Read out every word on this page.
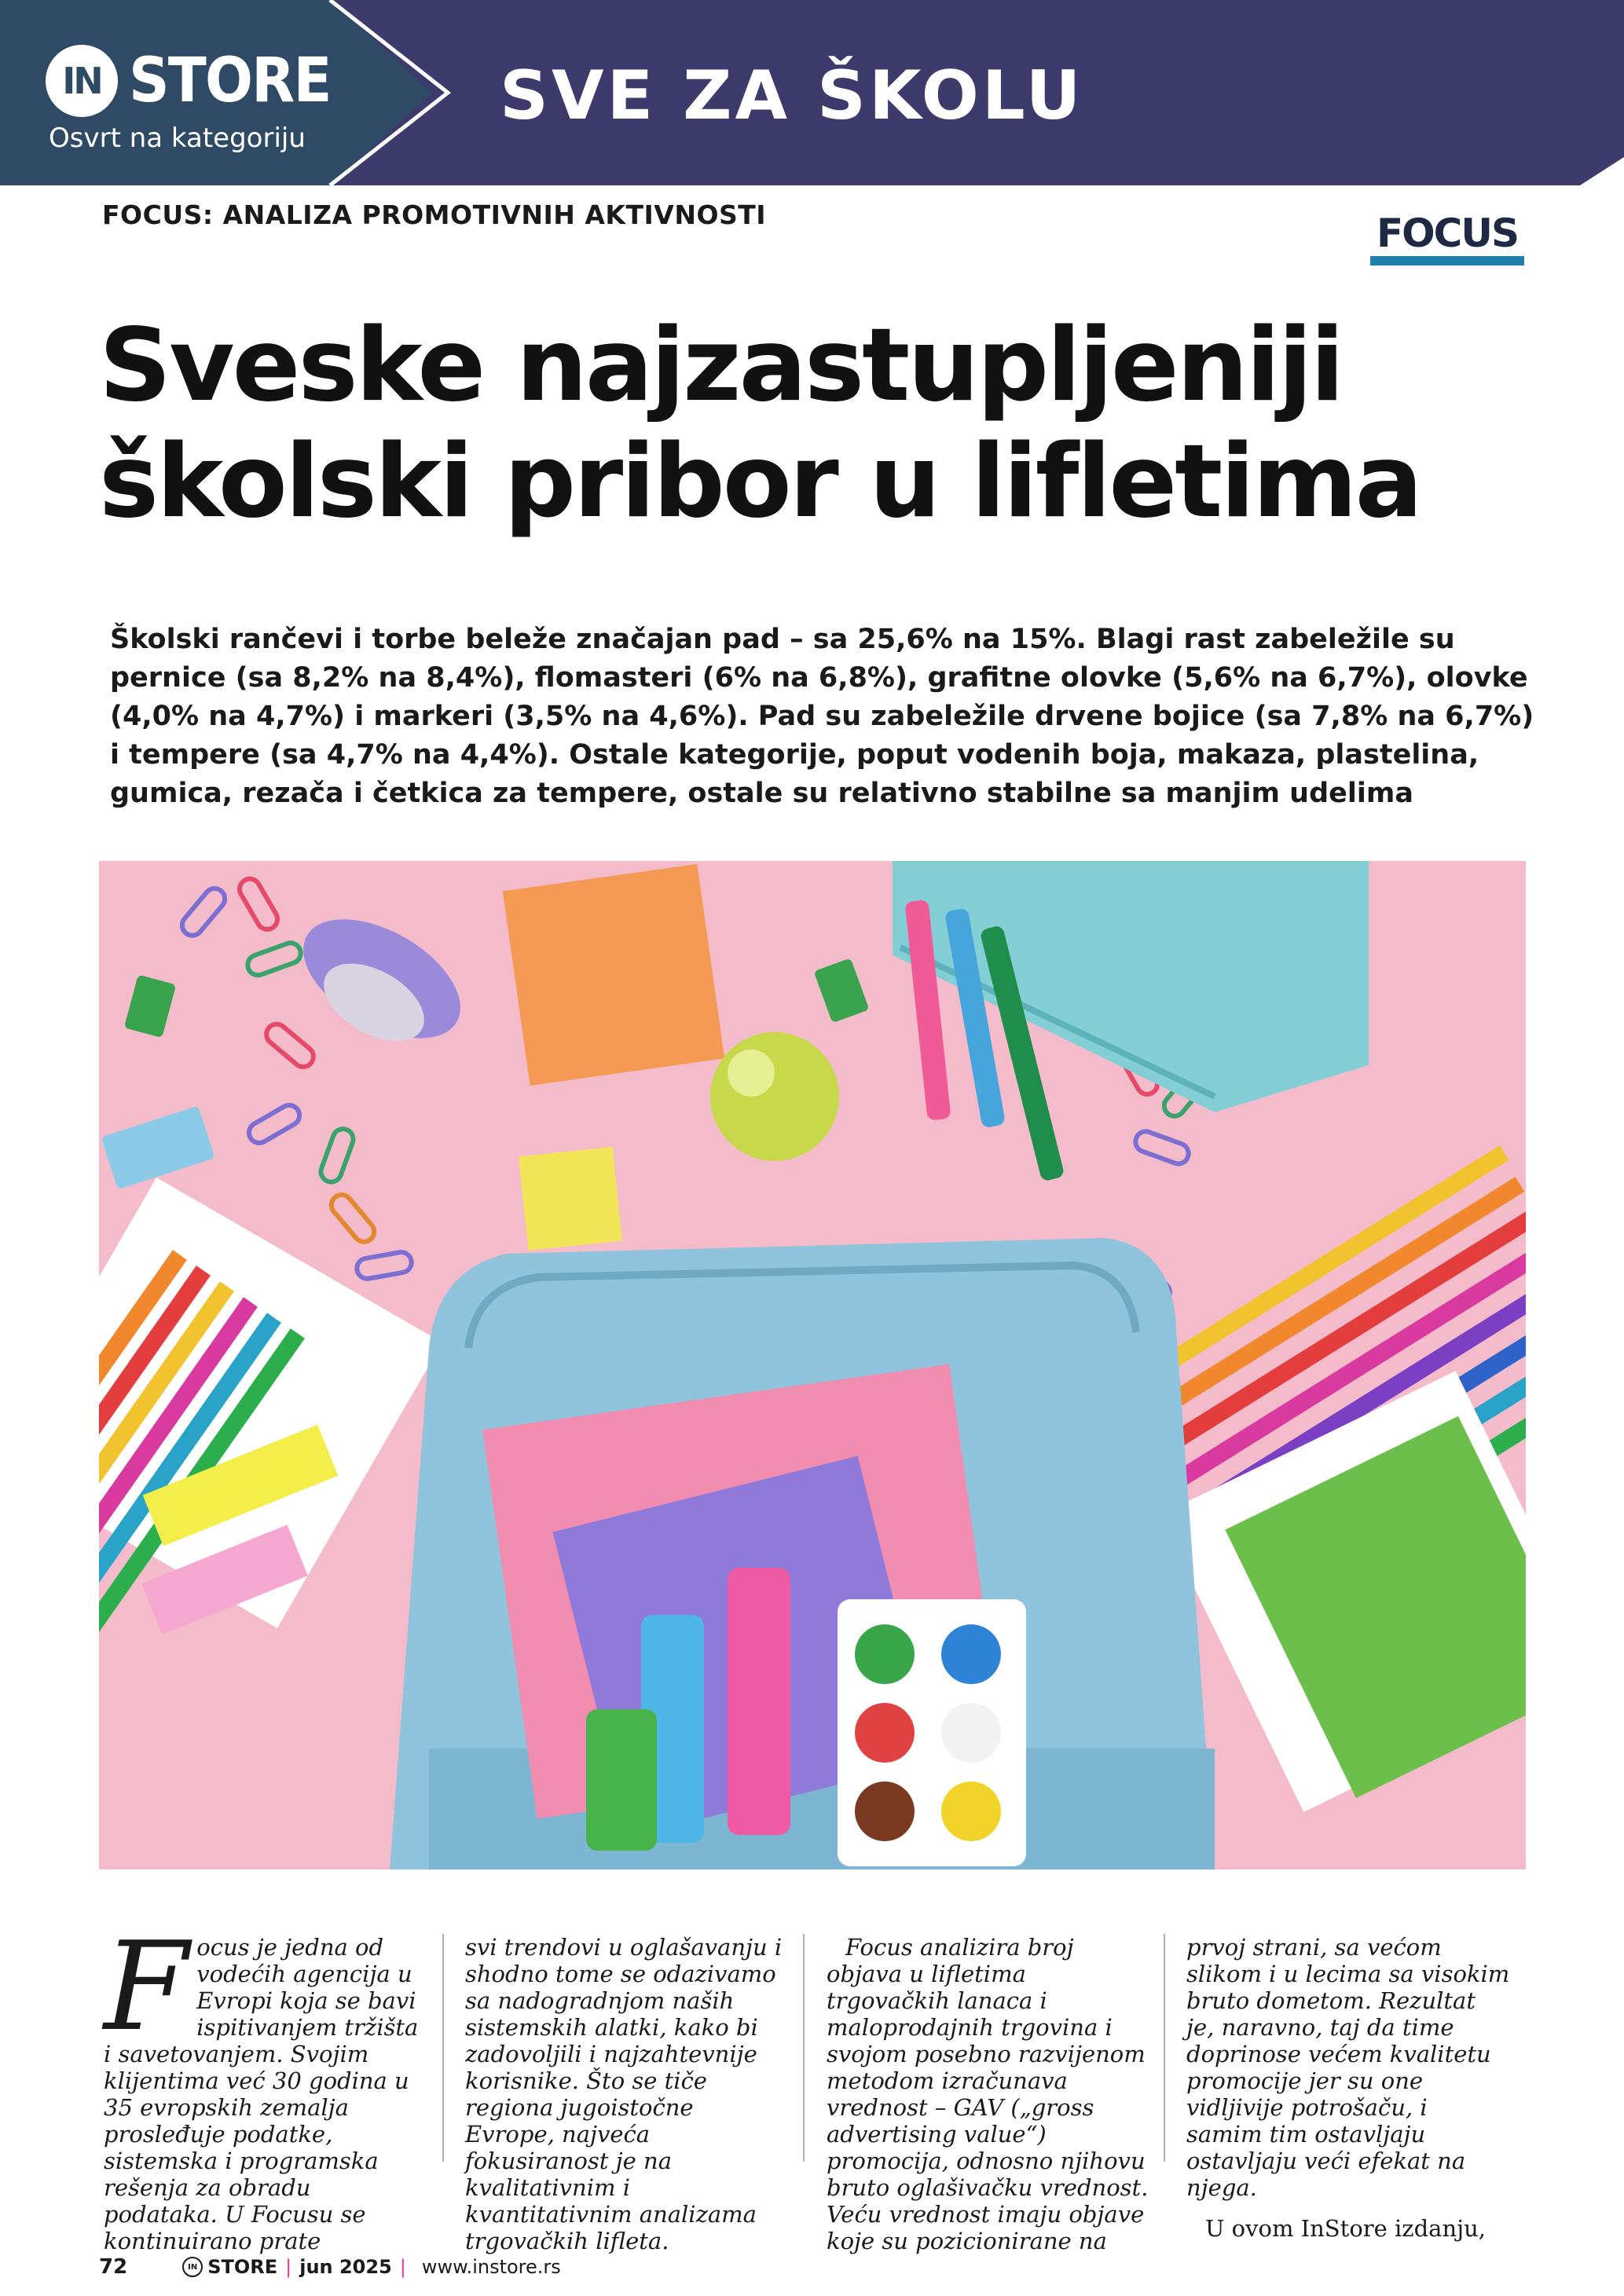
IN STORE
Osvrt na kategoriju
SVE ZA ŠKOLU
FOCUS: ANALIZA PROMOTIVNIH AKTIVNOSTI	FOCUS
Sveske najzastupljeniji
školski pribor u lifletima
Školski rančevi i torbe beleže značajan pad – sa 25,6% na 15%. Blagi rast zabeležile su pernice (sa 8,2% na 8,4%), flomasteri (6% na 6,8%), grafitne olovke (5,6% na 6,7%), olovke (4,0% na 4,7%) i markeri (3,5% na 4,6%). Pad su zabeležile drvene bojice (sa 7,8% na 6,7%) i tempere (sa 4,7% na 4,4%). Ostale kategorije, poput vodenih boja, makaza, plastelina, gumica, rezača i četkica za tempere, ostale su relativno stabilne sa manjim udelima

Focus je jedna od vodećih agencija u Evropi koja se bavi ispitivanjem tržišta i savetovanjem. Svojim klijentima već 30 godina u 35 evropskih zemalja prosleđuje podatke, sistemska i programska rešenja za obradu podataka. U Focusu se kontinuirano prate

svi trendovi u oglašavanju i shodno tome se odazivamo sa nadogradnjom naših sistemskih alatki, kako bi zadovoljili i najzahtevnije korisnike. Što se tiče regiona jugoistočne Evrope, najveća fokusiranost je na kvalitativnim i kvantitativnim analizama trgovačkih lifleta.

Focus analizira broj objava u lifletima trgovačkih lanaca i maloprodajnih trgovina i svojom posebno razvijenom metodom izračunava vrednost – GAV („gross advertising value“) promocija, odnosno njihovu bruto oglašivačku vrednost. Veću vrednost imaju objave koje su pozicionirane na

prvoj strani, sa većom slikom i u lecima sa visokim bruto dometom. Rezultat je, naravno, taj da time doprinose većem kvalitetu promocije jer su one vidljivije potrošaču, i samim tim ostavljaju ostavljaju veći efekat na njega.

U ovom InStore izdanju,

72	IN STORE | jun 2025 | www.instore.rs
